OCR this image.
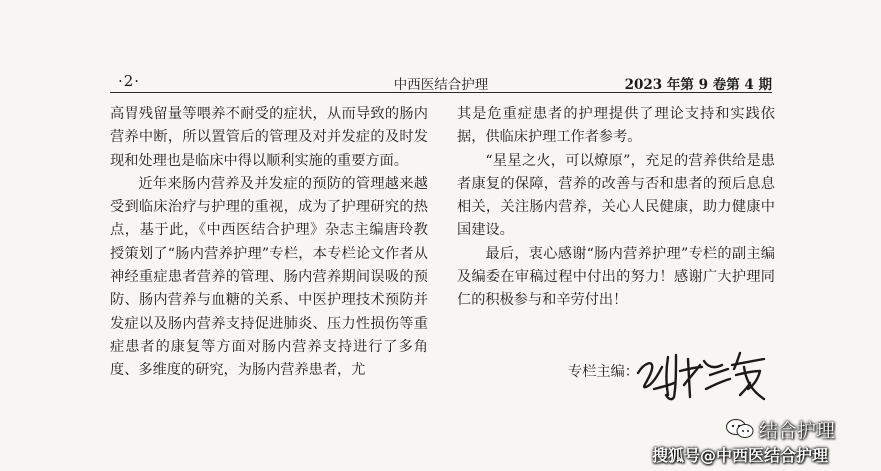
·2·	中西医结合护理	2023 年第 9 卷第 4 期

高胃残留量等喂养不耐受的症状，从而导致的肠内营养中断，所以置管后的管理及对并发症的及时发现和处理也是临床中得以顺利实施的重要方面。

近年来肠内营养及并发症的预防的管理越来越受到临床治疗与护理的重视，成为了护理研究的热点，基于此，《中西医结合护理》杂志主编唐玲教授策划了“肠内营养护理”专栏，本专栏论文作者从神经重症患者营养的管理、肠内营养期间误吸的预防、肠内营养与血糖的关系、中医护理技术预防并发症以及肠内营养支持促进肺炎、压力性损伤等重症患者的康复等方面对肠内营养支持进行了多角度、多维度的研究，为肠内营养患者，尤

其是危重症患者的护理提供了理论支持和实践依据，供临床护理工作者参考。

“星星之火，可以燎原”，充足的营养供给是患者康复的保障，营养的改善与否和患者的预后息息相关，关注肠内营养，关心人民健康，助力健康中国建设。

最后，衷心感谢“肠内营养护理”专栏的副主编及编委在审稿过程中付出的努力！感谢广大护理同仁的积极参与和辛劳付出！

专栏主编：
结合护理
搜狐号@中西医结合护理
